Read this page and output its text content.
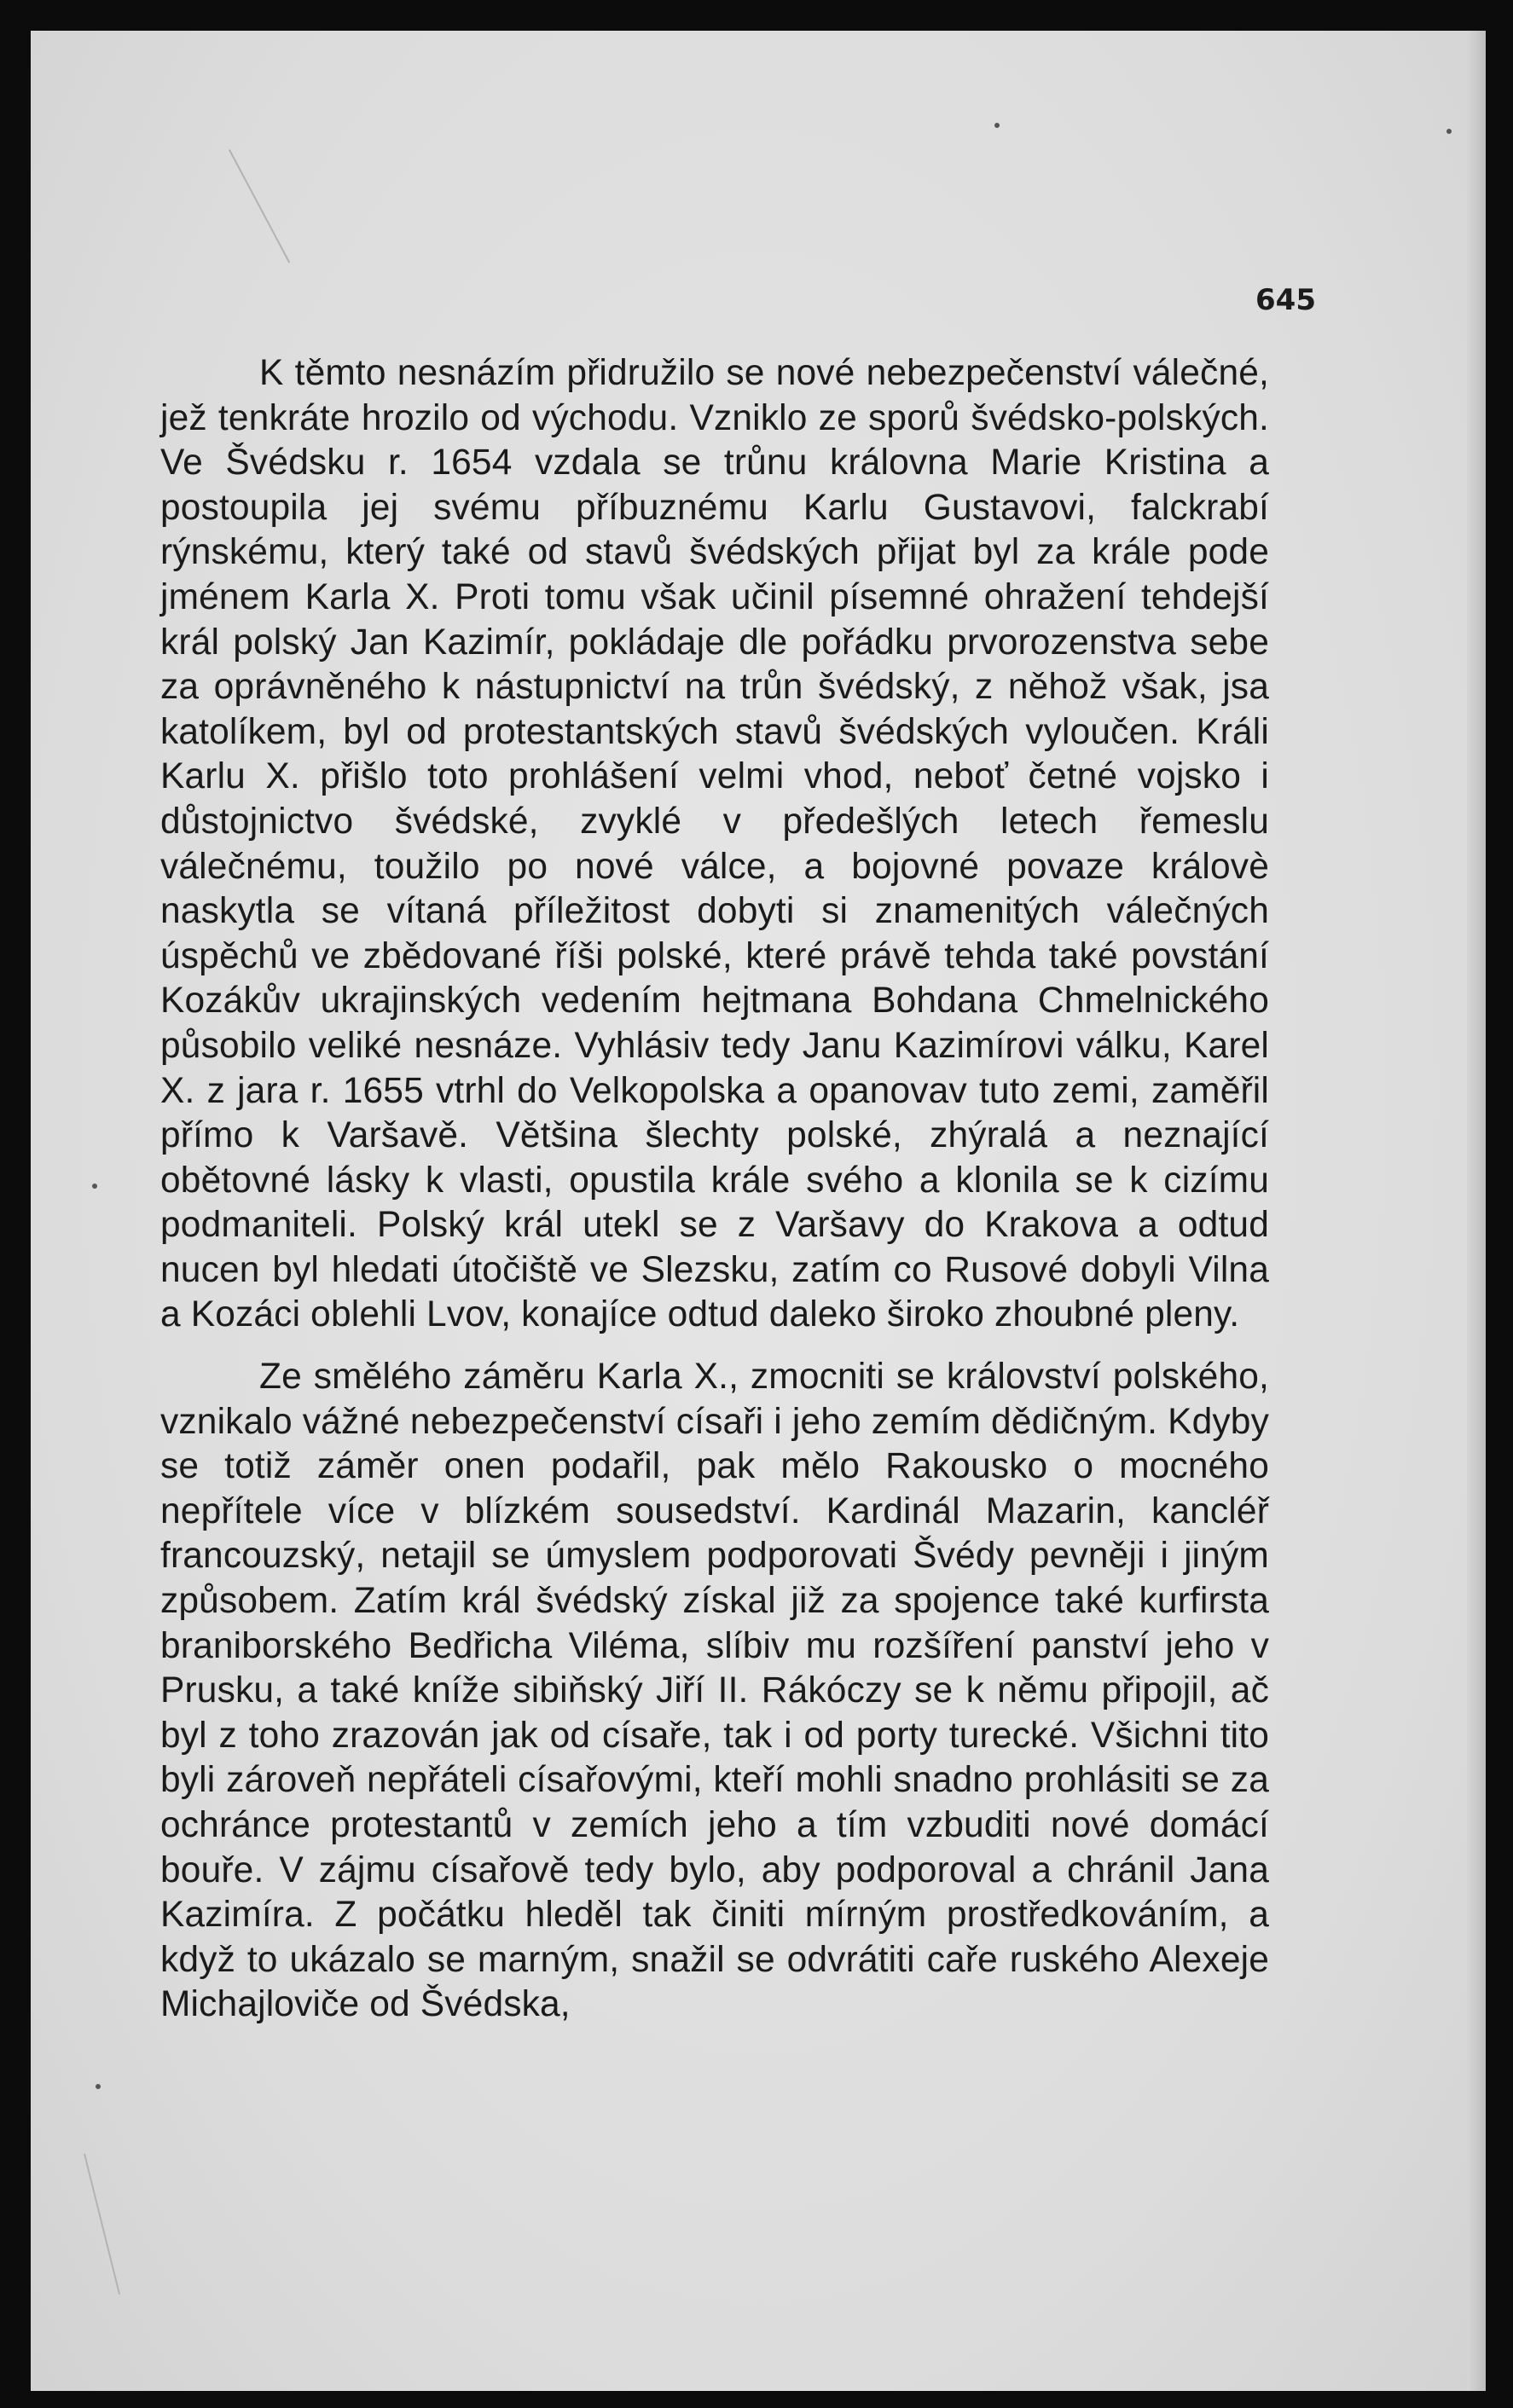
645

K těmto nesnázím přidružilo se nové nebezpečenství válečné, jež tenkráte hrozilo od východu. Vzniklo ze sporů švédsko-polských. Ve Švédsku r. 1654 vzdala se trůnu královna Marie Kristina a postoupila jej svému příbuznému Karlu Gustavovi, falckrabí rýnskému, který také od stavů švédských přijat byl za krále pode jménem Karla X. Proti tomu však učinil písemné ohražení tehdejší král polský Jan Kazimír, pokládaje dle pořádku prvorozenstva sebe za oprávněného k nástupnictví na trůn švédský, z něhož však, jsa katolíkem, byl od protestantských stavů švédských vyloučen. Králi Karlu X. přišlo toto prohlášení velmi vhod, neboť četné vojsko i důstojnictvo švédské, zvyklé v předešlých letech řemeslu válečnému, toužilo po nové válce, a bojovné povaze královè naskytla se vítaná příležitost dobyti si znamenitých válečných úspěchů ve zbědované říši polské, které právě tehda také povstání Kozákův ukrajinských vedením hejtmana Bohdana Chmelnického působilo veliké nesnáze. Vyhlásiv tedy Janu Kazimírovi válku, Karel X. z jara r. 1655 vtrhl do Velkopolska a opanovav tuto zemi, zaměřil přímo k Varšavě. Většina šlechty polské, zhýralá a neznající obětovné lásky k vlasti, opustila krále svého a klonila se k cizímu podmaniteli. Polský král utekl se z Varšavy do Krakova a odtud nucen byl hledati útočiště ve Slezsku, zatím co Rusové dobyli Vilna a Kozáci oblehli Lvov, konajíce odtud daleko široko zhoubné pleny.

Ze smělého záměru Karla X., zmocniti se království polského, vznikalo vážné nebezpečenství císaři i jeho zemím dědičným. Kdyby se totiž záměr onen podařil, pak mělo Rakousko o mocného nepřítele více v blízkém sousedství. Kardinál Mazarin, kancléř francouzský, netajil se úmyslem podporovati Švédy pevněji i jiným způsobem. Zatím král švédský získal již za spojence také kurfirsta braniborského Bedřicha Viléma, slíbiv mu rozšíření panství jeho v Prusku, a také kníže sibiňský Jiří II. Rákóczy se k němu připojil, ač byl z toho zrazován jak od císaře, tak i od porty turecké. Všichni tito byli zároveň nepřáteli císařovými, kteří mohli snadno prohlásiti se za ochránce protestantů v zemích jeho a tím vzbuditi nové domácí bouře. V zájmu císařově tedy bylo, aby podporoval a chránil Jana Kazimíra. Z počátku hleděl tak činiti mírným prostředkováním, a když to ukázalo se marným, snažil se odvrátiti caře ruského Alexeje Michajloviče od Švédska,
